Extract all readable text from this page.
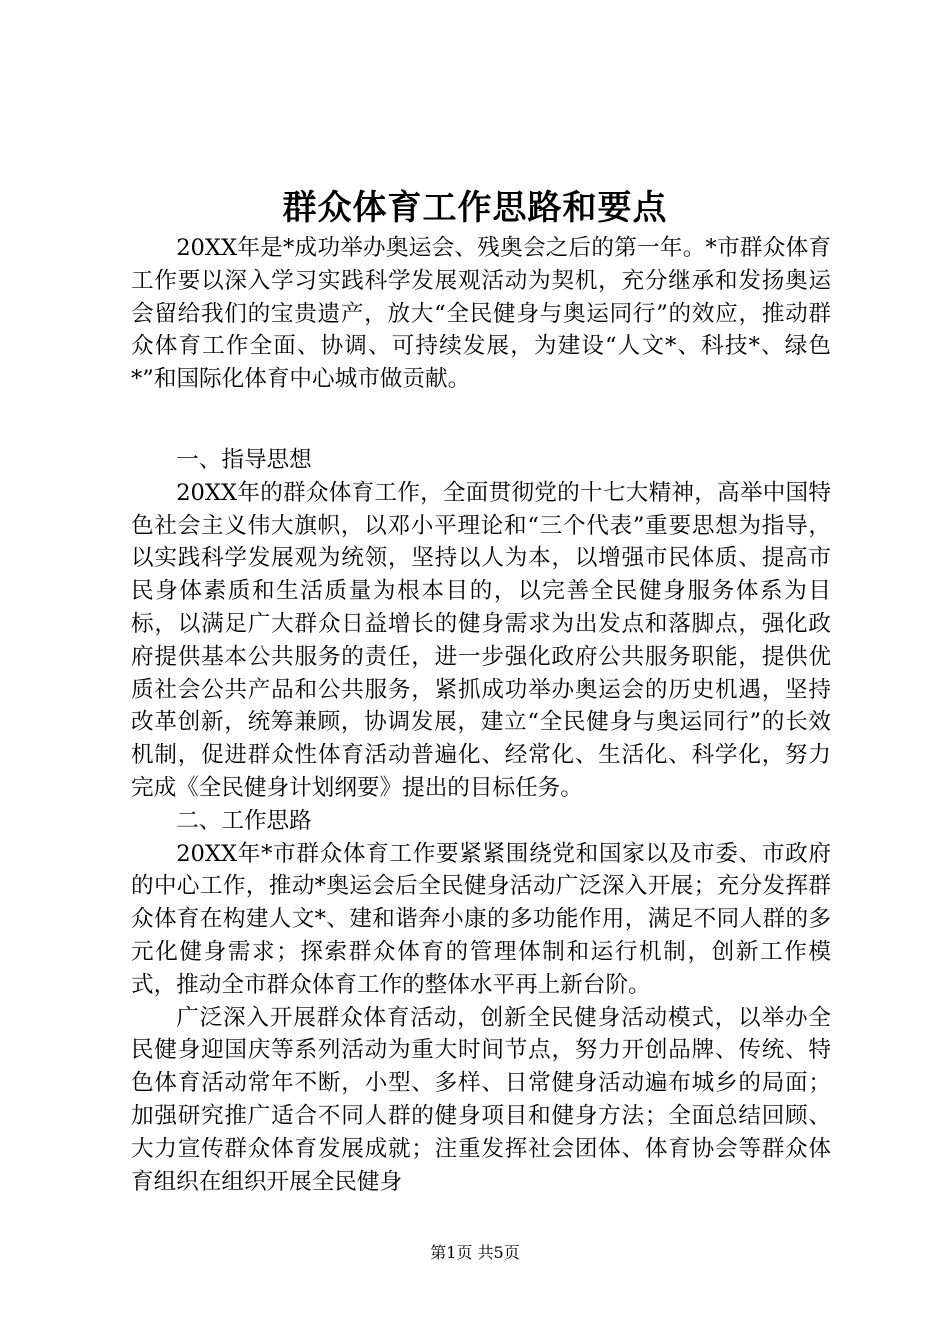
群众体育工作思路和要点

20XX年是*成功举办奥运会、残奥会之后的第一年。*市群众体育工作要以深入学习实践科学发展观活动为契机，充分继承和发扬奥运会留给我们的宝贵遗产，放大“全民健身与奥运同行”的效应，推动群众体育工作全面、协调、可持续发展，为建设“人文*、科技*、绿色*”和国际化体育中心城市做贡献。

一、指导思想

20XX年的群众体育工作，全面贯彻党的十七大精神，高举中国特色社会主义伟大旗帜，以邓小平理论和“三个代表”重要思想为指导，以实践科学发展观为统领，坚持以人为本，以增强市民体质、提高市民身体素质和生活质量为根本目的，以完善全民健身服务体系为目标，以满足广大群众日益增长的健身需求为出发点和落脚点，强化政府提供基本公共服务的责任，进一步强化政府公共服务职能，提供优质社会公共产品和公共服务，紧抓成功举办奥运会的历史机遇，坚持改革创新，统筹兼顾，协调发展，建立“全民健身与奥运同行”的长效机制，促进群众性体育活动普遍化、经常化、生活化、科学化，努力完成《全民健身计划纲要》提出的目标任务。

二、工作思路

20XX年*市群众体育工作要紧紧围绕党和国家以及市委、市政府的中心工作，推动*奥运会后全民健身活动广泛深入开展；充分发挥群众体育在构建人文*、建和谐奔小康的多功能作用，满足不同人群的多元化健身需求；探索群众体育的管理体制和运行机制，创新工作模式，推动全市群众体育工作的整体水平再上新台阶。

广泛深入开展群众体育活动，创新全民健身活动模式，以举办全民健身迎国庆等系列活动为重大时间节点，努力开创品牌、传统、特色体育活动常年不断，小型、多样、日常健身活动遍布城乡的局面；加强研究推广适合不同人群的健身项目和健身方法；全面总结回顾、大力宣传群众体育发展成就；注重发挥社会团体、体育协会等群众体育组织在组织开展全民健身

第1页 共5页
